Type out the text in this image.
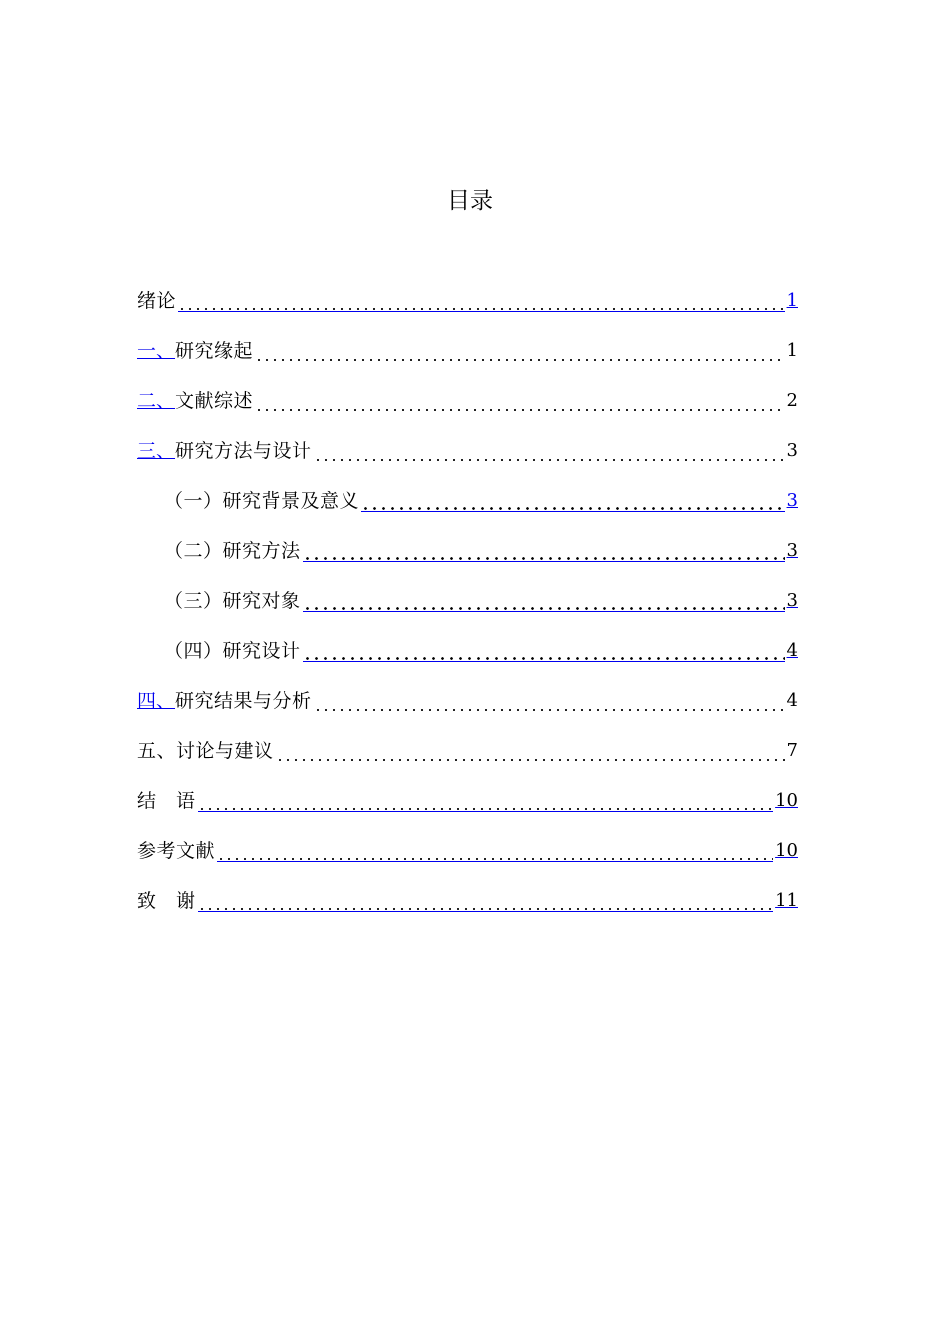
目录
绪论	1
一、 研究缘起	1
二、 文献综述	2
三、 研究方法与设计	3
（一）研究背景及意义	3
（二）研究方法	3
（三）研究对象	3
（四）研究设计	4
四、 研究结果与分析	4
五、讨论与建议	7
结　语	10
参考文献	10
致　谢	11
